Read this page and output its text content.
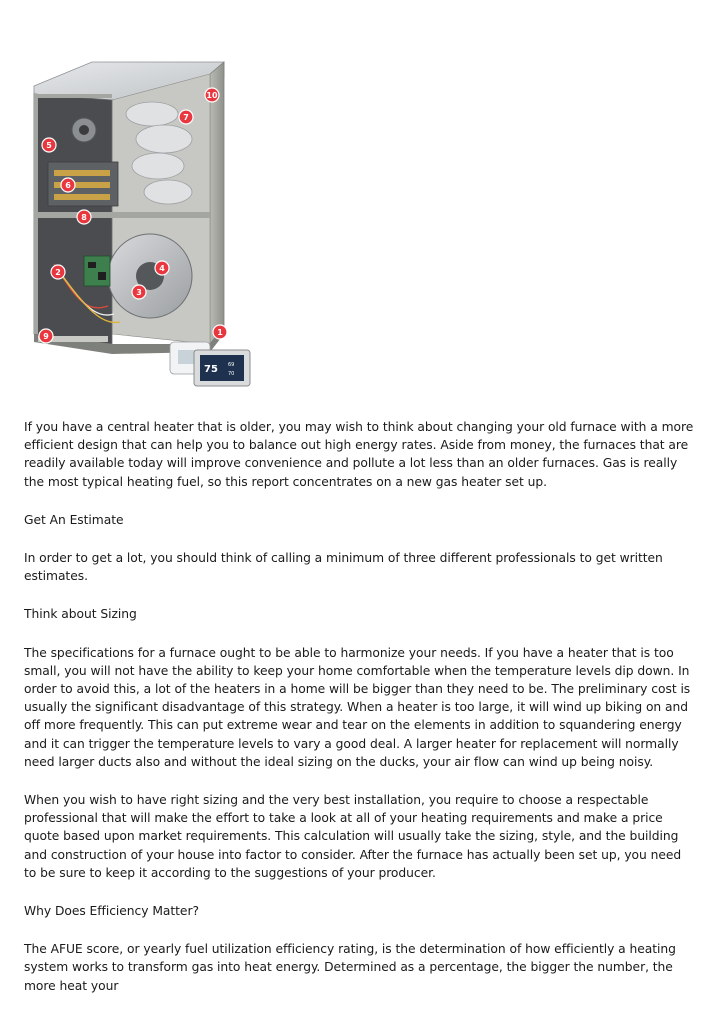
75 69
70
1
2
3
4
5
6
7
8
9
10

If you have a central heater that is older, you may wish to think about changing your old furnace with a more efficient design that can help you to balance out high energy rates. Aside from money, the furnaces that are readily available today will improve convenience and pollute a lot less than an older furnaces. Gas is really the most typical heating fuel, so this report concentrates on a new gas heater set up.

Get An Estimate

In order to get a lot, you should think of calling a minimum of three different professionals to get written estimates.

Think about Sizing

The specifications for a furnace ought to be able to harmonize your needs. If you have a heater that is too small, you will not have the ability to keep your home comfortable when the temperature levels dip down. In order to avoid this, a lot of the heaters in a home will be bigger than they need to be. The preliminary cost is usually the significant disadvantage of this strategy. When a heater is too large, it will wind up biking on and off more frequently. This can put extreme wear and tear on the elements in addition to squandering energy and it can trigger the temperature levels to vary a good deal. A larger heater for replacement will normally need larger ducts also and without the ideal sizing on the ducks, your air flow can wind up being noisy.

When you wish to have right sizing and the very best installation, you require to choose a respectable professional that will make the effort to take a look at all of your heating requirements and make a price quote based upon market requirements. This calculation will usually take the sizing, style, and the building and construction of your house into factor to consider. After the furnace has actually been set up, you need to be sure to keep it according to the suggestions of your producer.

Why Does Efficiency Matter?

The AFUE score, or yearly fuel utilization efficiency rating, is the determination of how efficiently a heating system works to transform gas into heat energy. Determined as a percentage, the bigger the number, the more heat your
